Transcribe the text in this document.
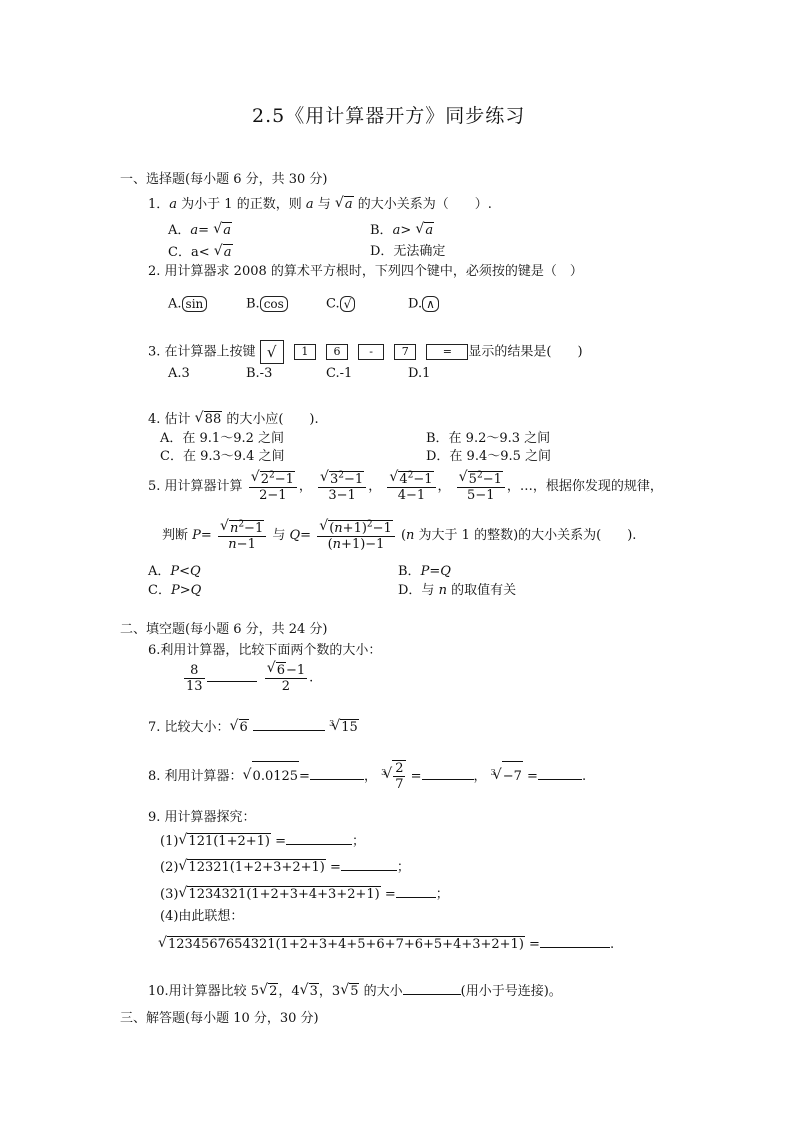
2.5《用计算器开方》同步练习
一、选择题(每小题 6 分，共 30 分)
1．a 为小于 1 的正数，则 a 与 √ a 的大小关系为（　　）.
A．a= √ a	B．a> √ a
C．a< √ a	D．无法确定
2. 用计算器求 2008 的算术平方根时，下列四个键中，必须按的键是（　）
A. sin	B. cos	C. √	D. ∧
3. 在计算器上按键 √ 1 6	-	7	= 显示的结果是(　　)
A.3	B.-3	C.-1	D.1
4. 估计 √ 88 的大小应(　　).
A．在 9.1～9.2 之间	B．在 9.2～9.3 之间
C．在 9.3～9.4 之间	D．在 9.4～9.5 之间
5. 用计算器计算 √ $\frac{2^2-1}{2-1}$ ， √ $\frac{3^2-1}{3-1}$ ， √ $\frac{4^2-1}{4-1}$ ， √ $\frac{5^2-1}{5-1}$ ，…，根据你发现的规律，
判断 P= √ $\frac{n^2-1}{n-1}$ 与 Q= √ $\frac{(n+1)^2-1}{(n+1)-1} (n$ 为大于 1 的整数)的大小关系为(　　).
A．P<Q	B．P=Q
C．P>Q	D．与 n 的取值有关
二、填空题(每小题 6 分，共 24 分)
6.利用计算器，比较下面两个数的大小：
$\frac{8}{13}$
	√ $\frac{6-1}{2}$ .
7. 比较大小： √ 6	$^3$ √ 15
8. 利用计算器： √ 0.0125=	， $^3$ √ $\frac{2}{7}$ =	， $^3$ √ −7 =	.
9. 用计算器探究：
(1) √ 121(1+2+1) =	；
(2) √ 12321(1+2+3+2+1) =	；
(3) √ 1234321(1+2+3+4+3+2+1) =	；
(4)由此联想：
√ 1234567654321(1+2+3+4+5+6+7+6+5+4+3+2+1) =	.
10.用计算器比较 5 √ 2，4 √ 3，3 √ 5 的大小	(用小于号连接)。
三、解答题(每小题 10 分，30 分)
